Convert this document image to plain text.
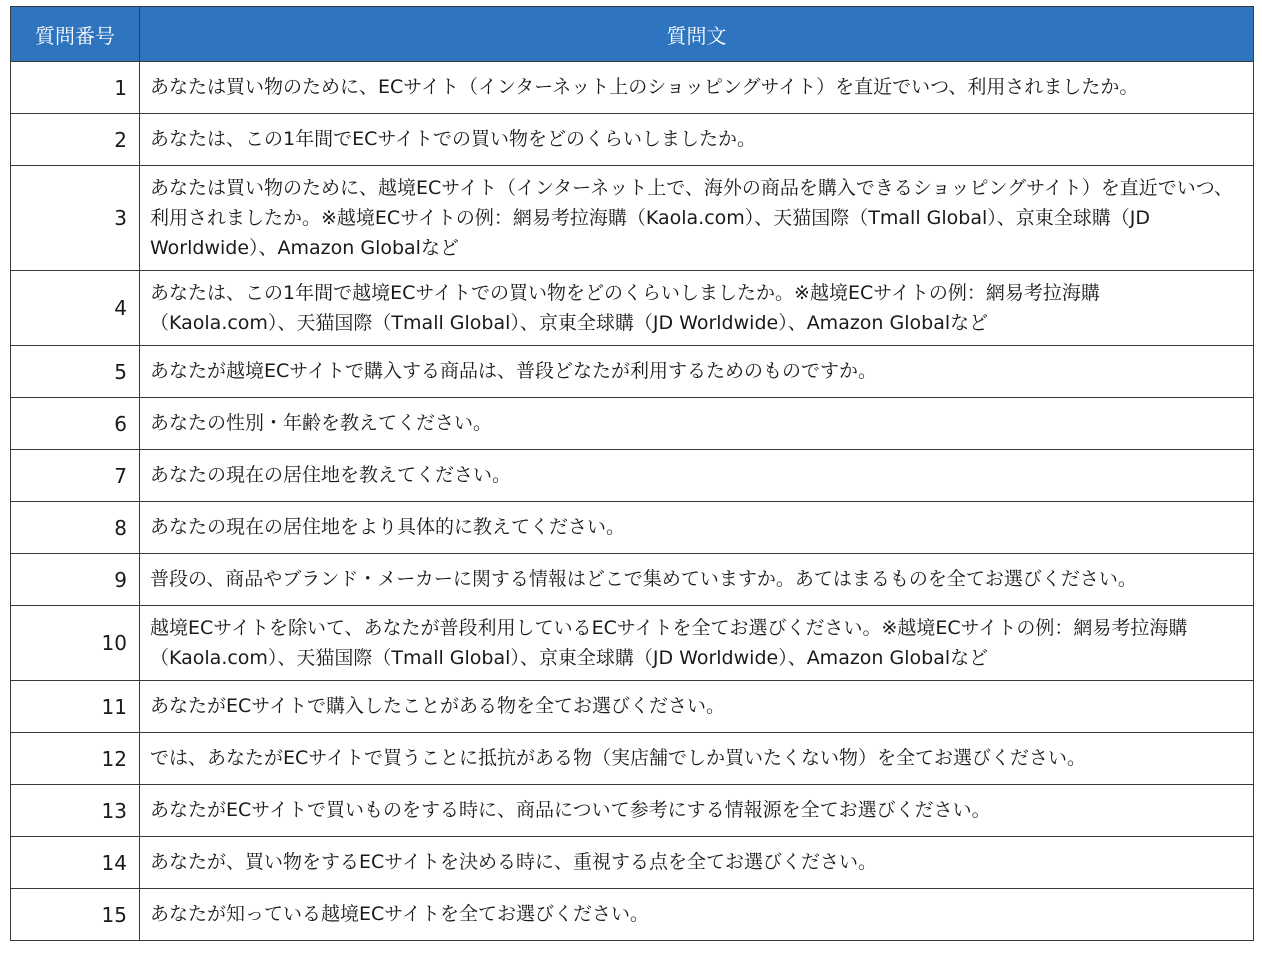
質問番号	質問文
1	あなたは買い物のために、ECサイト（インターネット上のショッピングサイト）を直近でいつ、利用されましたか。
2	あなたは、この1年間でECサイトでの買い物をどのくらいしましたか。
3	あなたは買い物のために、越境ECサイト（インターネット上で、海外の商品を購入できるショッピングサイト）を直近でいつ、利用されましたか。※越境ECサイトの例：網易考拉海購（Kaola.com）、天猫国際（Tmall Global）、京東全球購（JD Worldwide）、Amazon Globalなど
4	あなたは、この1年間で越境ECサイトでの買い物をどのくらいしましたか。※越境ECサイトの例：網易考拉海購（Kaola.com）、天猫国際（Tmall Global）、京東全球購（JD Worldwide）、Amazon Globalなど
5	あなたが越境ECサイトで購入する商品は、普段どなたが利用するためのものですか。
6	あなたの性別・年齢を教えてください。
7	あなたの現在の居住地を教えてください。
8	あなたの現在の居住地をより具体的に教えてください。
9	普段の、商品やブランド・メーカーに関する情報はどこで集めていますか。あてはまるものを全てお選びください。
10	越境ECサイトを除いて、あなたが普段利用しているECサイトを全てお選びください。※越境ECサイトの例：網易考拉海購（Kaola.com）、天猫国際（Tmall Global）、京東全球購（JD Worldwide）、Amazon Globalなど
11	あなたがECサイトで購入したことがある物を全てお選びください。
12	では、あなたがECサイトで買うことに抵抗がある物（実店舗でしか買いたくない物）を全てお選びください。
13	あなたがECサイトで買いものをする時に、商品について参考にする情報源を全てお選びください。
14	あなたが、買い物をするECサイトを決める時に、重視する点を全てお選びください。
15	あなたが知っている越境ECサイトを全てお選びください。
